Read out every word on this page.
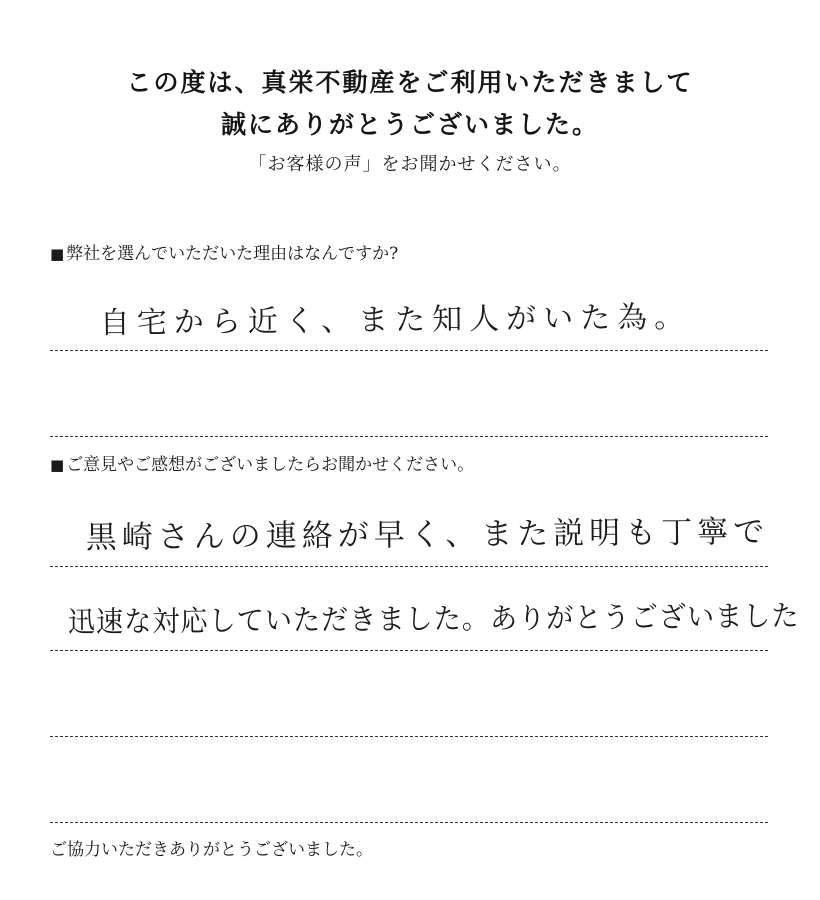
この度は、真栄不動産をご利用いただきまして
誠にありがとうございました。
「お客様の声」をお聞かせください。
■ 弊社を選んでいただいた理由はなんですか?
自宅から近く、また知人がいた為。
■ ご意見やご感想がございましたらお聞かせください。
黒崎さんの連絡が早く、また説明も丁寧で
迅速な対応していただきました。ありがとうございました
ご協力いただきありがとうございました。
